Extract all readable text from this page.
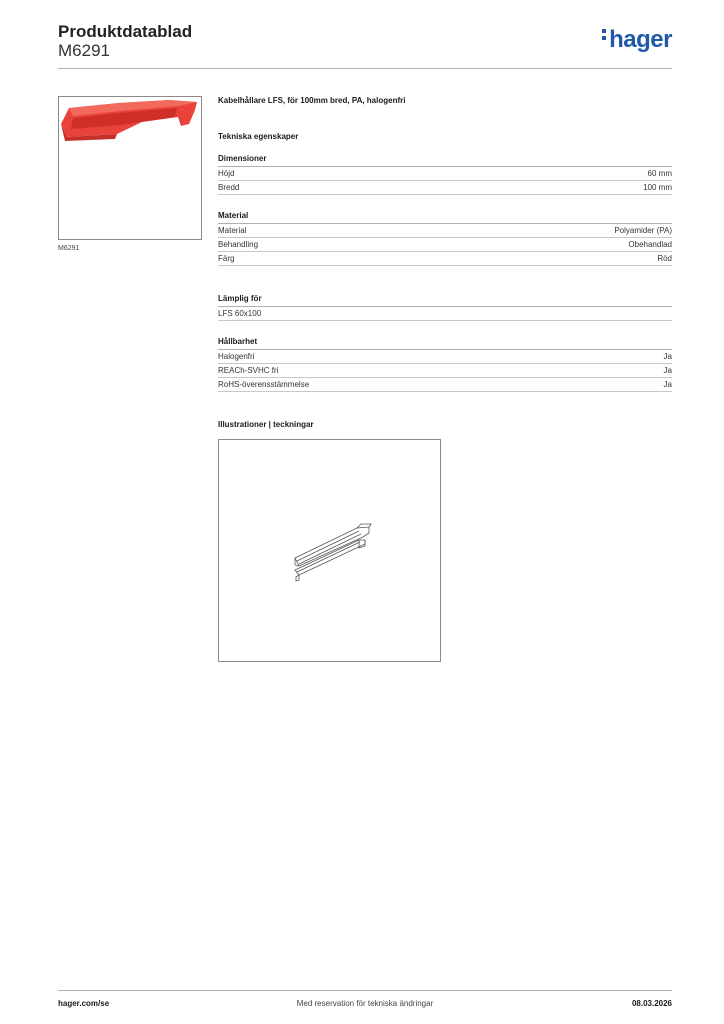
Produktdatablad
M6291	hager
M6291
Kabelhållare LFS, för 100mm bred, PA, halogenfri
Tekniska egenskaper
Dimensioner
Höjd	60 mm
Bredd	100 mm
Material
Material	Polyamider (PA)
Behandling	Obehandlad
Färg	Röd
Lämplig för
LFS 60x100
Hållbarhet
Halogenfri	Ja
REACh-SVHC fri	Ja
RoHS-överensstämmelse	Ja
Illustrationer | teckningar
hager.com/se	Med reservation för tekniska ändringar	08.03.2026
